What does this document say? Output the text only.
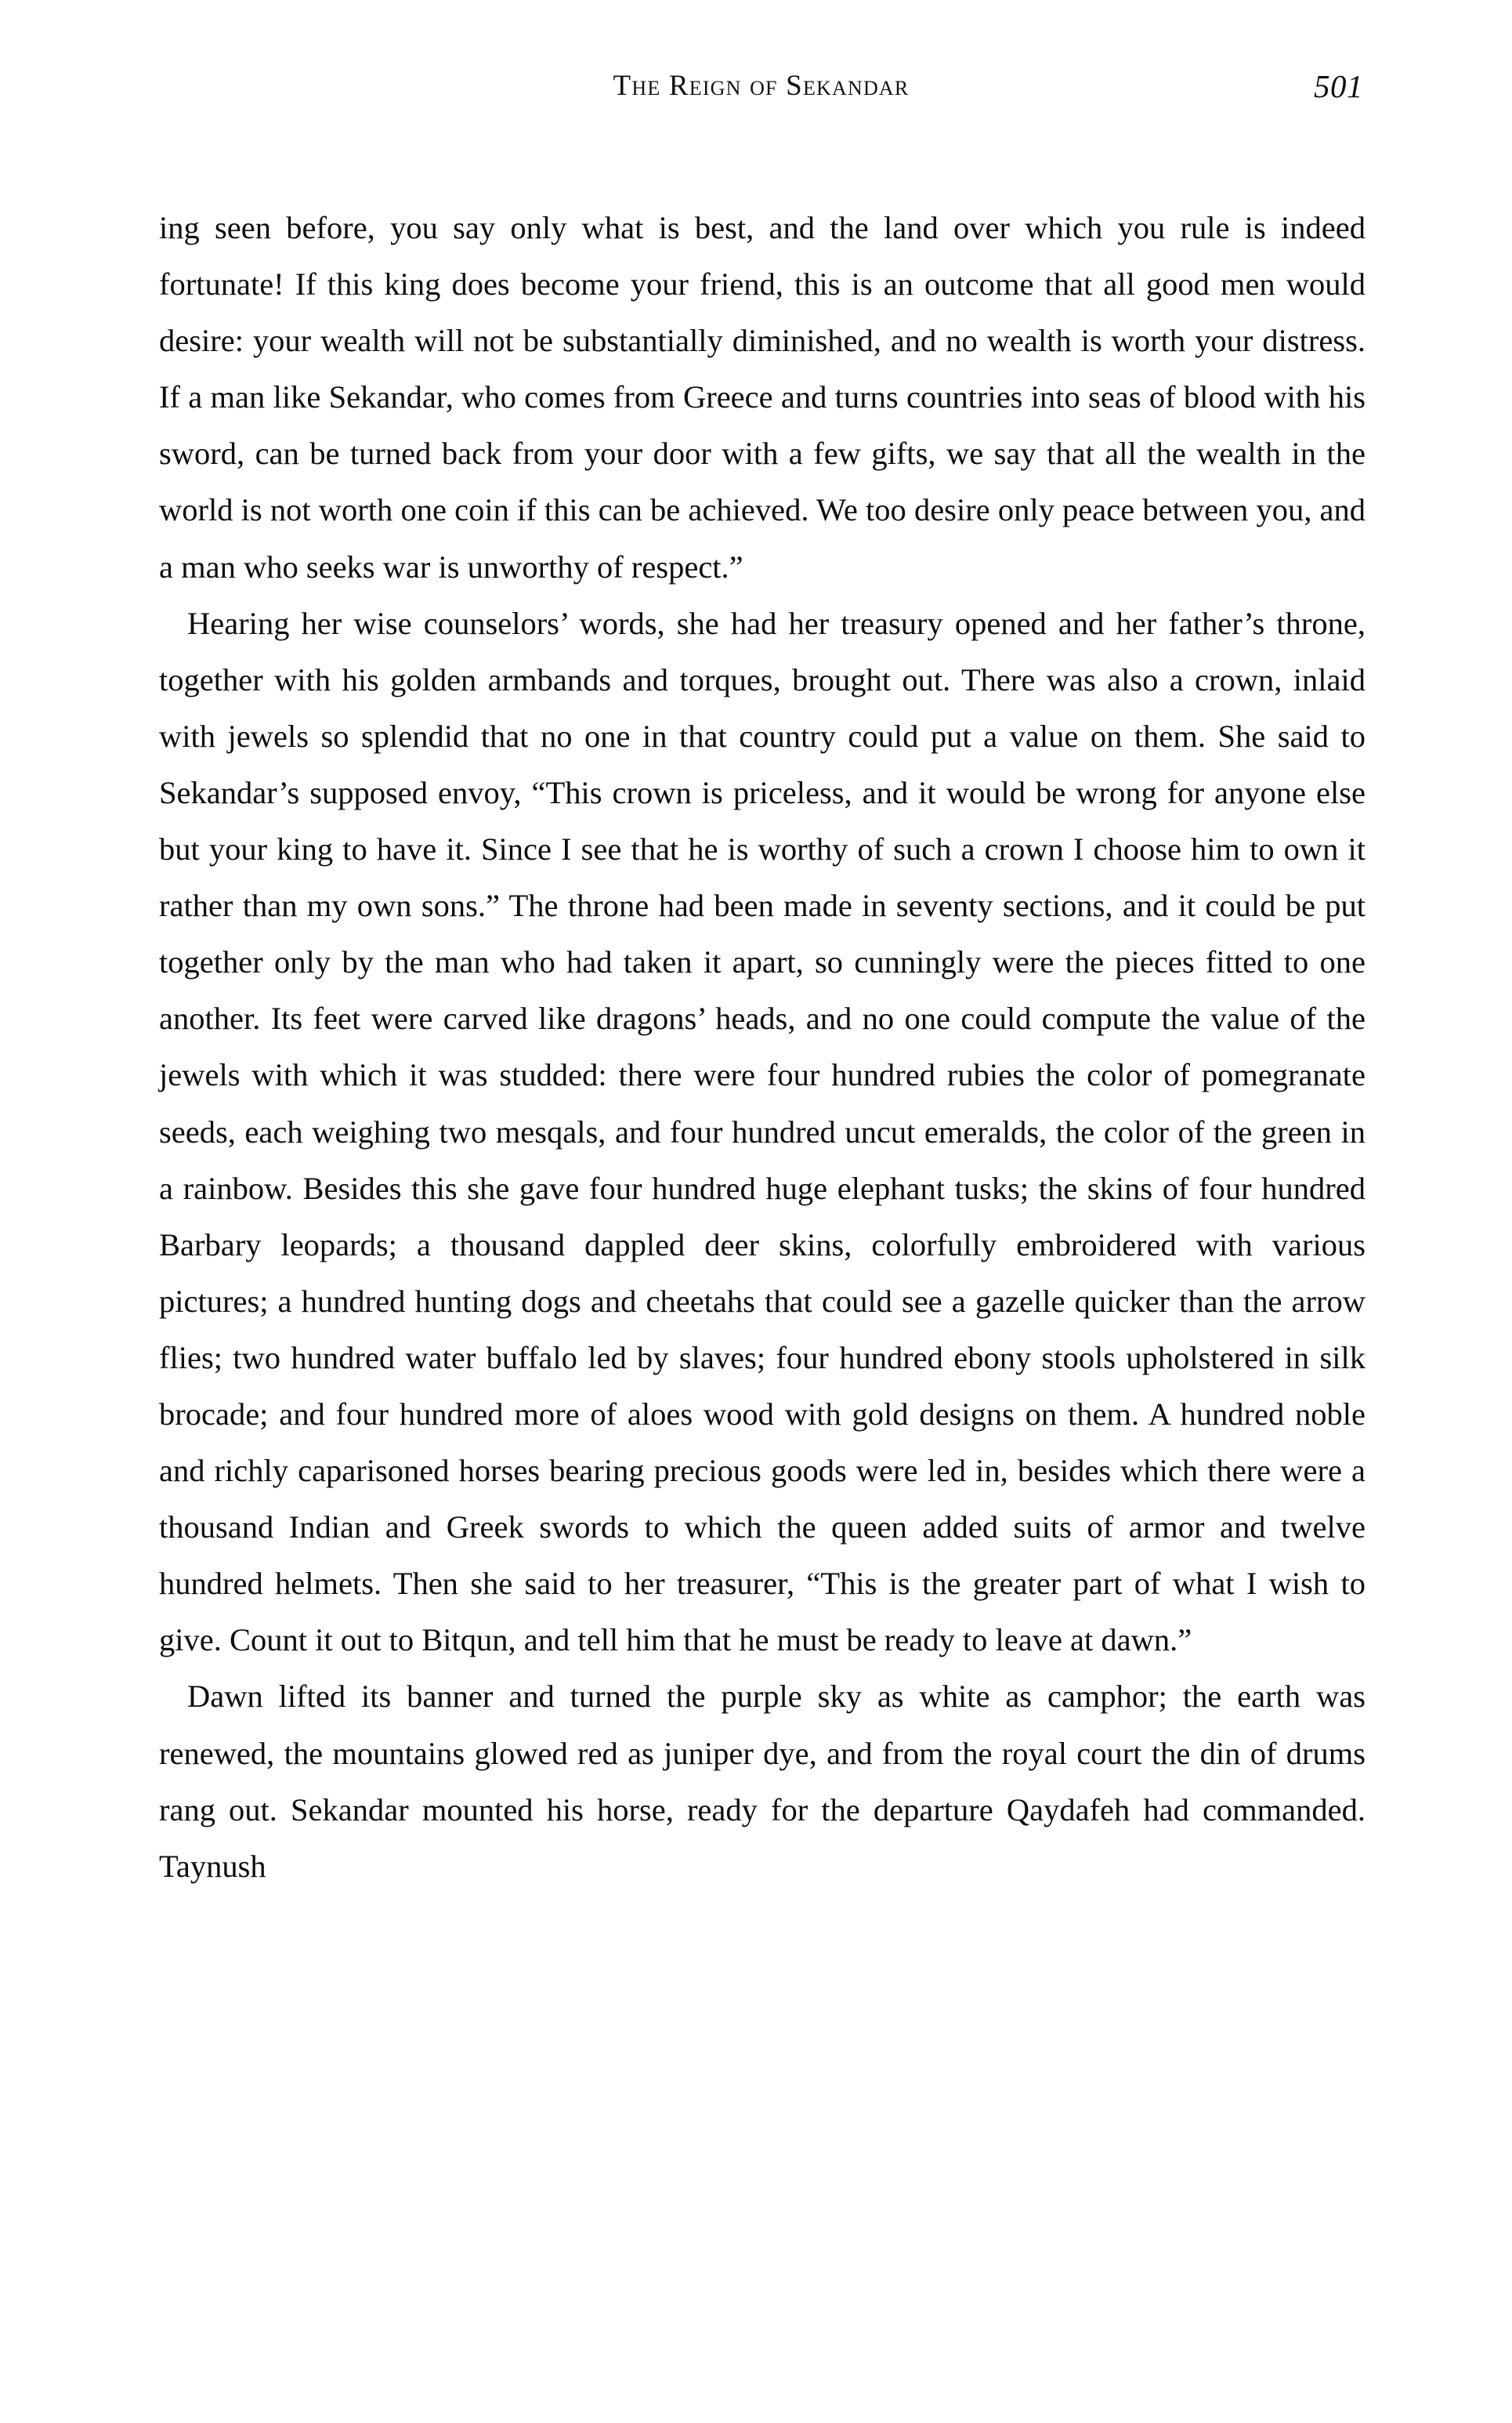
The Reign of Sekandar	501

ing seen before, you say only what is best, and the land over which you rule is indeed fortunate! If this king does become your friend, this is an outcome that all good men would desire: your wealth will not be substantially diminished, and no wealth is worth your distress. If a man like Sekandar, who comes from Greece and turns countries into seas of blood with his sword, can be turned back from your door with a few gifts, we say that all the wealth in the world is not worth one coin if this can be achieved. We too desire only peace between you, and a man who seeks war is unworthy of respect.”

Hearing her wise counselors’ words, she had her treasury opened and her father’s throne, together with his golden armbands and torques, brought out. There was also a crown, inlaid with jewels so splendid that no one in that country could put a value on them. She said to Sekandar’s supposed envoy, “This crown is priceless, and it would be wrong for anyone else but your king to have it. Since I see that he is worthy of such a crown I choose him to own it rather than my own sons.” The throne had been made in seventy sections, and it could be put together only by the man who had taken it apart, so cunningly were the pieces fitted to one another. Its feet were carved like dragons’ heads, and no one could compute the value of the jewels with which it was studded: there were four hundred rubies the color of pomegranate seeds, each weighing two mesqals, and four hundred uncut emeralds, the color of the green in a rainbow. Besides this she gave four hundred huge elephant tusks; the skins of four hundred Barbary leopards; a thousand dappled deer skins, colorfully embroidered with various pictures; a hundred hunting dogs and cheetahs that could see a gazelle quicker than the arrow flies; two hundred water buffalo led by slaves; four hundred ebony stools upholstered in silk brocade; and four hundred more of aloes wood with gold designs on them. A hundred noble and richly caparisoned horses bearing precious goods were led in, besides which there were a thousand Indian and Greek swords to which the queen added suits of armor and twelve hundred helmets. Then she said to her treasurer, “This is the greater part of what I wish to give. Count it out to Bitqun, and tell him that he must be ready to leave at dawn.”

Dawn lifted its banner and turned the purple sky as white as camphor; the earth was renewed, the mountains glowed red as juniper dye, and from the royal court the din of drums rang out. Sekandar mounted his horse, ready for the departure Qaydafeh had commanded. Taynush
